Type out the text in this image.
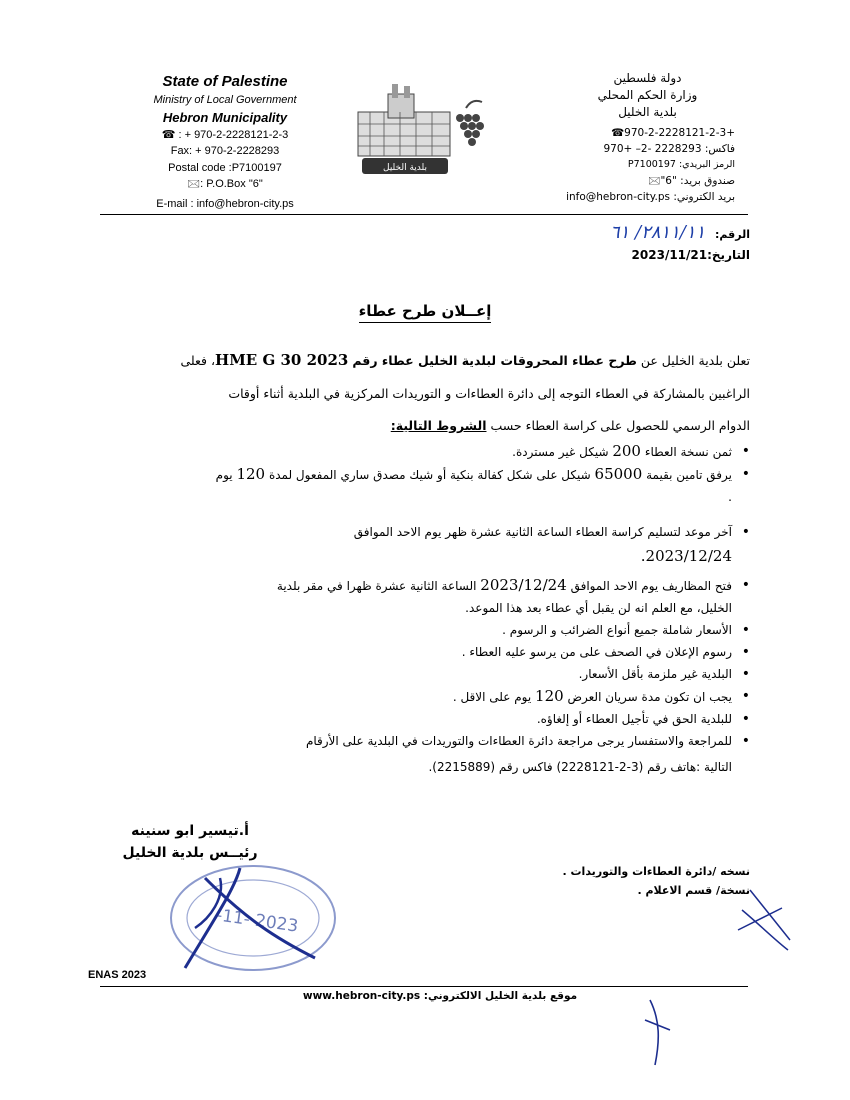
State of Palestine
Ministry of Local Government
Hebron Municipality
☎ : + 970-2-2228121-2-3
Fax: + 970-2-2228293
Postal code :P7100197
🖂: P.O.Box "6"
E-mail : info@hebron-city.ps
بلدية الخليل
دولة فلسطين
وزارة الحكم المحلي
بلدية الخليل
+970-2-2228121-2-3☎
فاكس: 2228293 -2– +970
الرمز البريدي: P7100197
صندوق بريد: "6"🖂
بريد الكتروني: info@hebron-city.ps
الرقم: ٢٨١١/١١/ ٦١
التاريخ:2023/11/21
إعــلان طرح عطاء
تعلن بلدية الخليل عن طرح عطاء المحروقات لبلدية الخليل عطاء رقم HME G 30 2023، فعلى
الراغبين بالمشاركة في العطاء التوجه إلى دائرة العطاءات و التوريدات المركزية في البلدية أثناء أوقات
الدوام الرسمي للحصول على كراسة العطاء حسب الشروط التالية:
• ثمن نسخة العطاء 200 شيكل غير مستردة.
• يرفق تامين بقيمة 65000 شيكل على شكل كفالة بنكية أو شيك مصدق ساري المفعول لمدة 120 يوم
.
• آخر موعد لتسليم كراسة العطاء الساعة الثانية عشرة ظهر يوم الاحد الموافق
2023/12/24.
• فتح المظاريف يوم الاحد الموافق 2023/12/24 الساعة الثانية عشرة ظهرا في مقر بلدية
الخليل، مع العلم انه لن يقبل أي عطاء بعد هذا الموعد.
• الأسعار شاملة جميع أنواع الضرائب و الرسوم .
• رسوم الإعلان في الصحف على من يرسو عليه العطاء .
• البلدية غير ملزمة بأقل الأسعار.
• يجب ان تكون مدة سريان العرض 120 يوم على الاقل .
• للبلدية الحق في تأجيل العطاء أو إلغاؤه.
• للمراجعة والاستفسار يرجى مراجعة دائرة العطاءات والتوريدات في البلدية على الأرقام
التالية :هاتف رقم (3-2-2228121) فاكس رقم (2215889).
أ.تيسير ابو سنينه
رئيــس بلدية الخليل
-11- 2023
نسخه /دائرة العطاءات والتوريدات .
نسخة/ قسم الاعلام .
ENAS 2023
موقع بلدية الخليل الالكتروني: www.hebron-city.ps
